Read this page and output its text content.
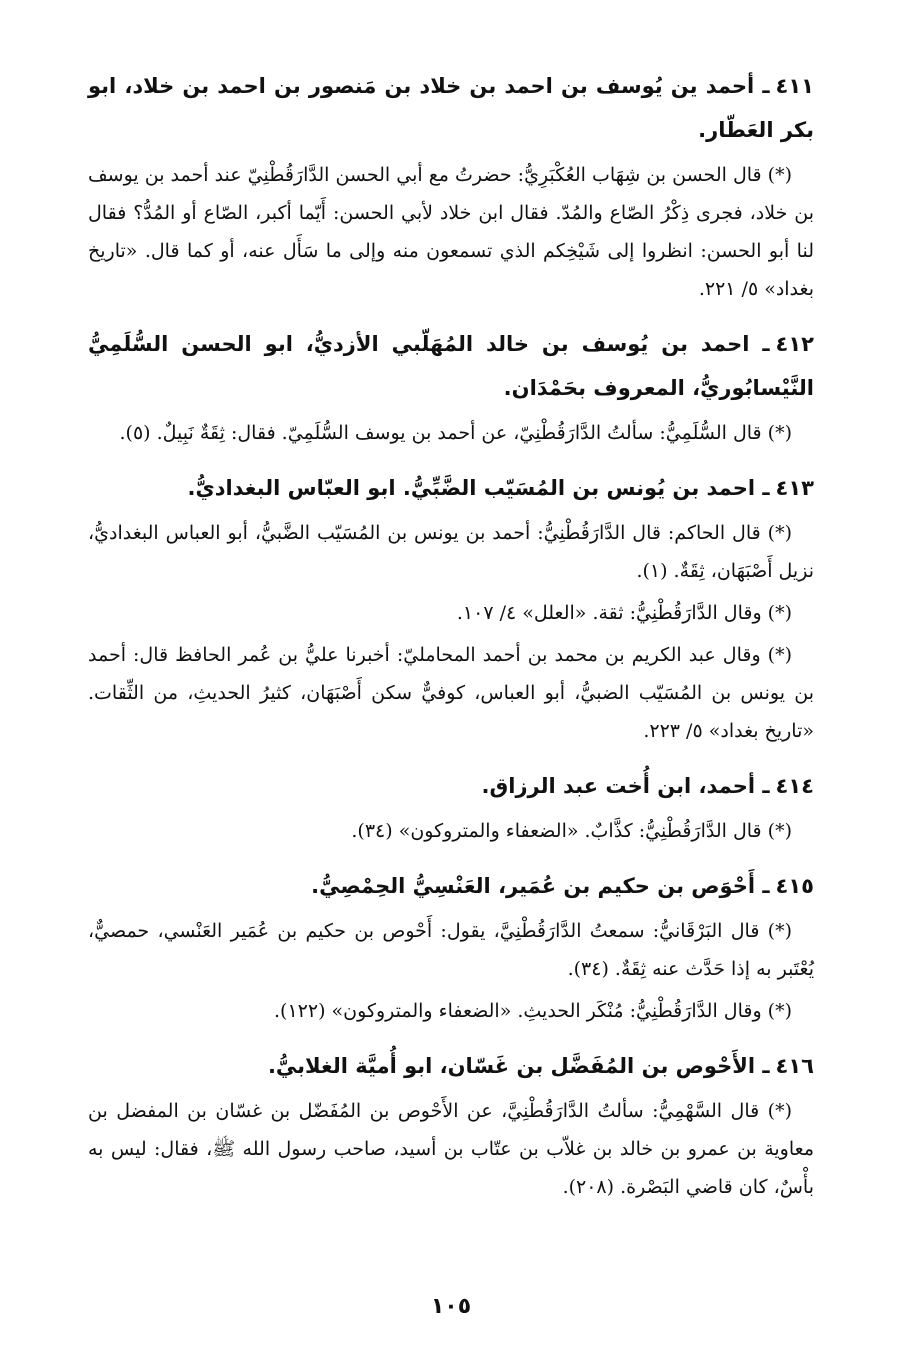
٤١١ـ أحمد ين يُوسف بن احمد بن خلاد بن مَنصور بن احمد بن خلاد، ابو بكر العَطّار.

(*) قال الحسن بن شِهَاب العُكْبَرِيُّ: حضرتُ مع أبي الحسن الدَّارَقُطْنِيّ عند أحمد بن يوسف بن خلاد، فجرى ذِكْرُ الصّاع والمُدّ. فقال ابن خلاد لأبي الحسن: أَيّما أكبر، الصّاع أو المُدُّ؟ فقال لنا أبو الحسن: انظروا إلى شَيْخِكم الذي تسمعون منه وإلى ما سَأَل عنه، أو كما قال. «تاريخ بغداد» ٥/ ٢٢١.

٤١٢ـ احمد بن يُوسف بن خالد المُهَلّبي الأزديُّ، ابو الحسن السُّلَمِيُّ النَّيْسابُوريُّ، المعروف بحَمْدَان.

(*) قال السُّلَمِيُّ: سألتُ الدَّارَقُطْنِيّ، عن أحمد بن يوسف السُّلَمِيّ. فقال: ثِقَةٌ نَبِيلٌ. (٥).

٤١٣ـ احمد بن يُونس بن المُسَيّب الضَّبِّيُّ. ابو العبّاس البغداديُّ.

(*) قال الحاكم: قال الدَّارَقُطْنِيُّ: أحمد بن يونس بن المُسَيّب الضَّبيُّ، أبو العباس البغداديُّ، نزيل أَصْبَهَان، ثِقَةٌ. (١).

(*) وقال الدَّارَقُطْنِيُّ: ثقة. «العلل» ٤/ ١٠٧.

(*) وقال عبد الكريم بن محمد بن أحمد المحامليّ: أخبرنا عليُّ بن عُمر الحافظ قال: أحمد بن يونس بن المُسَيّب الضبيُّ، أبو العباس، كوفيٌّ سكن أَصْبَهَان، كثيرُ الحديثِ، من الثِّقات. «تاريخ بغداد» ٥/ ٢٢٣.

٤١٤ـ أحمد، ابن أُخت عبد الرزاق.

(*) قال الدَّارَقُطْنِيُّ: كذَّابٌ. «الضعفاء والمتروكون» (٣٤).

٤١٥ـ أَحْوَص بن حكيم بن عُمَير، العَنْسِيُّ الحِمْصِيُّ.

(*) قال البَرْقَانيُّ: سمعتُ الدَّارَقُطْنِيَّ، يقول: أَحْوص بن حكيم بن عُمَير العَنْسي، حمصيٌّ، يُعْتَبر به إذا حَدَّث عنه ثِقَةٌ. (٣٤).

(*) وقال الدَّارَقُطْنِيُّ: مُنْكَر الحديثِ. «الضعفاء والمتروكون» (١٢٢).

٤١٦ـ الأَحْوص بن المُفَضَّل بن غَسّان، ابو أُميَّة الغلابيُّ.

(*) قال السَّهْمِيُّ: سألتُ الدَّارَقُطْنِيَّ، عن الأَحْوص بن المُفَضّل بن غسّان بن المفضل بن معاوية بن عمرو بن خالد بن غلاّب بن عتّاب بن أسيد، صاحب رسول الله ﷺ، فقال: ليس به بأْسٌ، كان قاضي البَصْرة. (٢٠٨).

١٠٥
